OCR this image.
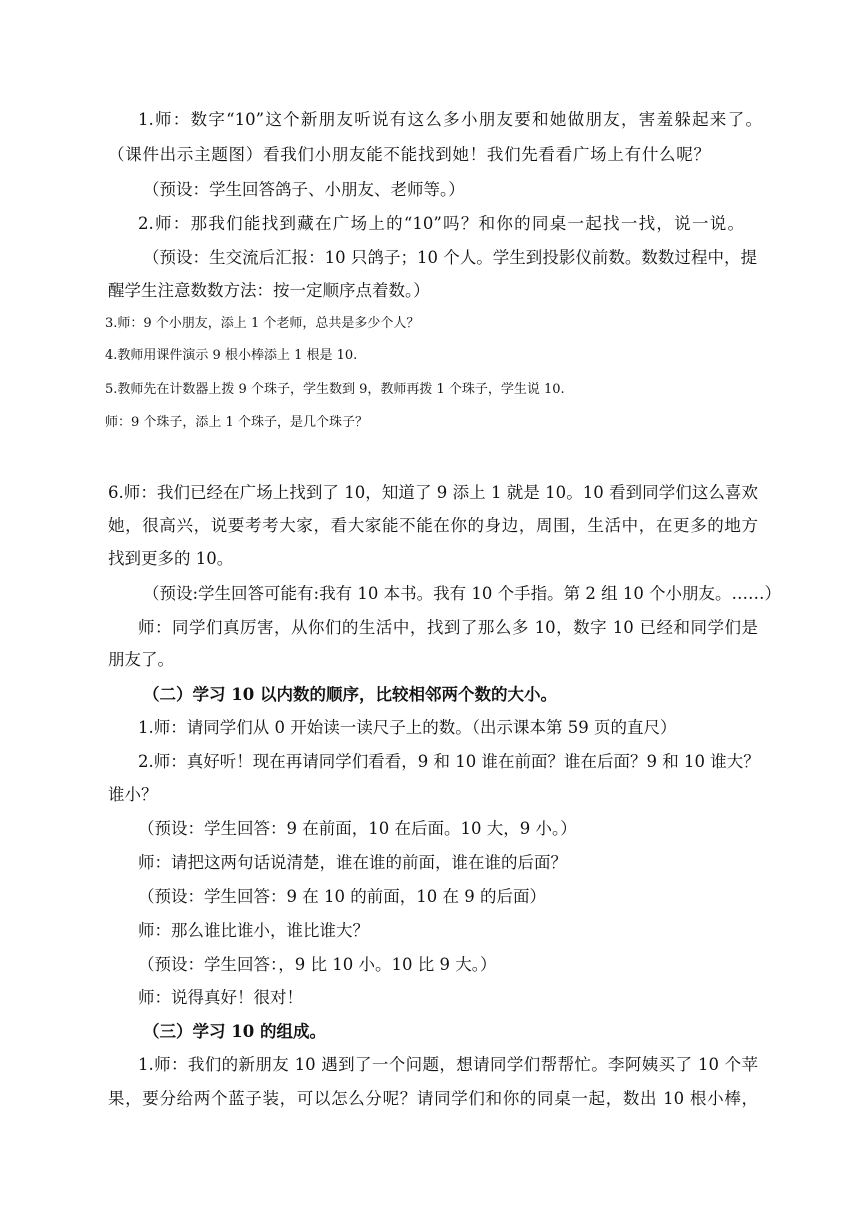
1.师：数字“10”这个新朋友听说有这么多小朋友要和她做朋友，害羞躲起来了。
（课件出示主题图）看我们小朋友能不能找到她！我们先看看广场上有什么呢？
（预设：学生回答鸽子、小朋友、老师等。）
2.师：那我们能找到藏在广场上的“10”吗？和你的同桌一起找一找，说一说。
（预设：生交流后汇报：10 只鸽子；10 个人。学生到投影仪前数。数数过程中，提
醒学生注意数数方法：按一定顺序点着数。）
3.师：9 个小朋友，添上 1 个老师，总共是多少个人？
4.教师用课件演示 9 根小棒添上 1 根是 10.
5.教师先在计数器上拨 9 个珠子，学生数到 9，教师再拨 1 个珠子，学生说 10.
师：9 个珠子，添上 1 个珠子，是几个珠子？
6.师：我们已经在广场上找到了 10，知道了 9 添上 1 就是 10。10 看到同学们这么喜欢
她，很高兴，说要考考大家，看大家能不能在你的身边，周围，生活中，在更多的地方
找到更多的 10。
（预设:学生回答可能有:我有 10 本书。我有 10 个手指。第 2 组 10 个小朋友。……）
师：同学们真厉害，从你们的生活中，找到了那么多 10，数字 10 已经和同学们是
朋友了。
（二）学习 10 以内数的顺序，比较相邻两个数的大小。
1.师：请同学们从 0 开始读一读尺子上的数。（出示课本第 59 页的直尺）
2.师：真好听！现在再请同学们看看，9 和 10 谁在前面？谁在后面？9 和 10 谁大？
谁小？
（预设：学生回答：9 在前面，10 在后面。10 大，9 小。）
师：请把这两句话说清楚，谁在谁的前面，谁在谁的后面？
（预设：学生回答：9 在 10 的前面，10 在 9 的后面）
师：那么谁比谁小，谁比谁大？
（预设：学生回答：，9 比 10 小。10 比 9 大。）
师：说得真好！很对！
（三）学习 10 的组成。
1.师：我们的新朋友 10 遇到了一个问题，想请同学们帮帮忙。李阿姨买了 10 个苹
果，要分给两个蓝子装，可以怎么分呢？请同学们和你的同桌一起，数出 10 根小棒，
